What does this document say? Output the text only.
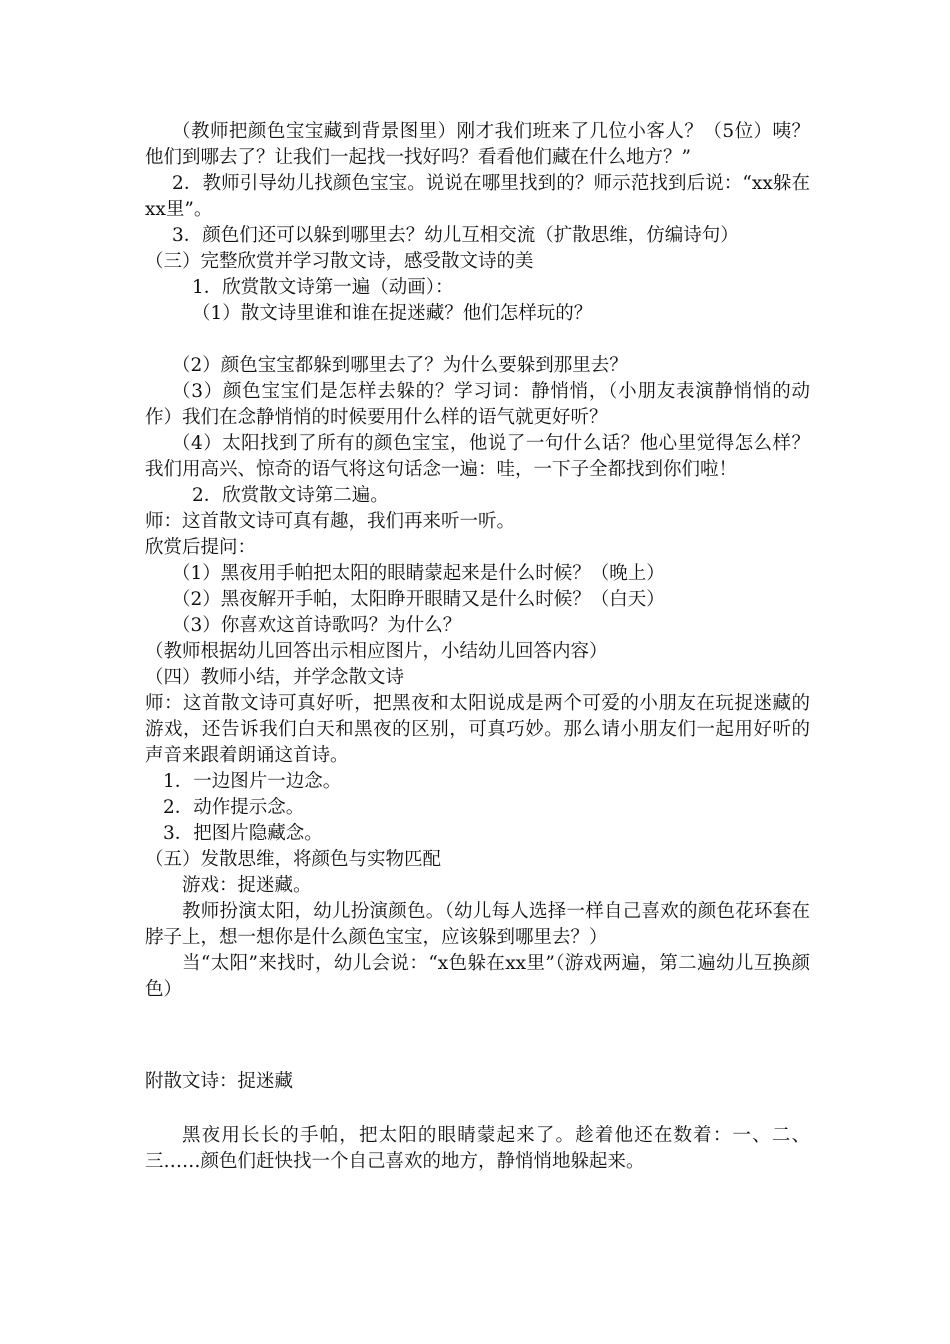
（教师把颜色宝宝藏到背景图里）刚才我们班来了几位小客人？（5位）咦？他们到哪去了？让我们一起找一找好吗？看看他们藏在什么地方？”

2．教师引导幼儿找颜色宝宝。说说在哪里找到的？师示范找到后说：“xx躲在xx里”。

3．颜色们还可以躲到哪里去？幼儿互相交流（扩散思维，仿编诗句）

（三）完整欣赏并学习散文诗，感受散文诗的美

1．欣赏散文诗第一遍（动画）：

（1）散文诗里谁和谁在捉迷藏？他们怎样玩的？

（2）颜色宝宝都躲到哪里去了？为什么要躲到那里去？

（3）颜色宝宝们是怎样去躲的？学习词：静悄悄，（小朋友表演静悄悄的动作）我们在念静悄悄的时候要用什么样的语气就更好听？

（4）太阳找到了所有的颜色宝宝，他说了一句什么话？他心里觉得怎么样？我们用高兴、惊奇的语气将这句话念一遍：哇，一下子全都找到你们啦！

2．欣赏散文诗第二遍。

师：这首散文诗可真有趣，我们再来听一听。

欣赏后提问：

（1）黑夜用手帕把太阳的眼睛蒙起来是什么时候？（晚上）

（2）黑夜解开手帕，太阳睁开眼睛又是什么时候？（白天）

（3）你喜欢这首诗歌吗？为什么？

（教师根据幼儿回答出示相应图片，小结幼儿回答内容）

（四）教师小结，并学念散文诗

师：这首散文诗可真好听，把黑夜和太阳说成是两个可爱的小朋友在玩捉迷藏的游戏，还告诉我们白天和黑夜的区别，可真巧妙。那么请小朋友们一起用好听的声音来跟着朗诵这首诗。

1．一边图片一边念。

2．动作提示念。

3．把图片隐藏念。

（五）发散思维，将颜色与实物匹配

游戏：捉迷藏。

教师扮演太阳，幼儿扮演颜色。（幼儿每人选择一样自己喜欢的颜色花环套在脖子上，想一想你是什么颜色宝宝，应该躲到哪里去？）

当“太阳”来找时，幼儿会说：“x色躲在xx里”（游戏两遍，第二遍幼儿互换颜色）

附散文诗：捉迷藏

黑夜用长长的手帕，把太阳的眼睛蒙起来了。趁着他还在数着：一、二、三……颜色们赶快找一个自己喜欢的地方，静悄悄地躲起来。
